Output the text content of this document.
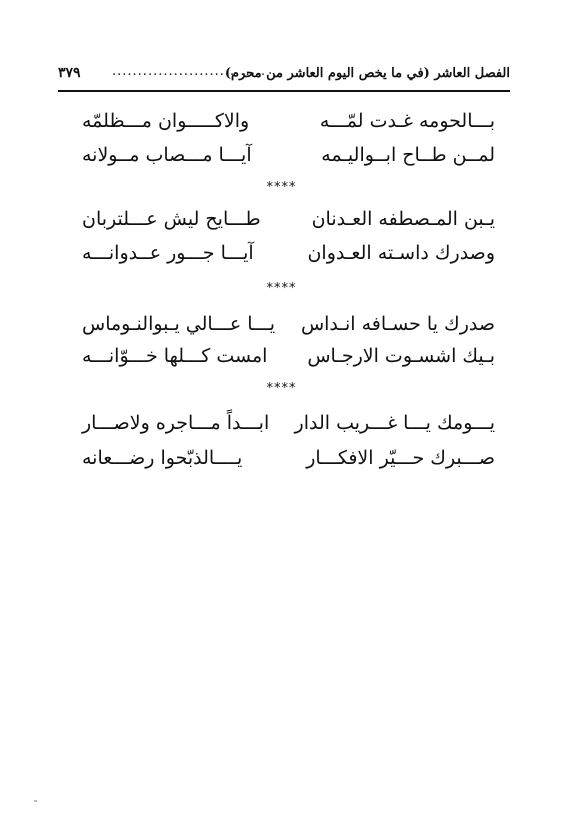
الفصل العاشر (في ما يخص اليوم العاشر من محرم)
..............................
٣٧٩
بـــالحومه غـدت لمّـــه
والاكـــــوان مـــظلمّه
لمــن طــاح ابــواليـمه
آيـــا مـــصاب مــولانه
****
يـبن المـصطفه العـدنان
طـــايح ليش عـــلتربان
وصدرك داسـته العـدوان
آيـــا جـــور عــدوانـــه
****
صدرك يا حسـافه انـداس
يـــا عـــالي يـبوالنـوماس
بـيك اشسـوت الارجـاس
امست كـــلها خـــوّانـــه
****
يـــومك يـــا غـــريب الدار
ابـــداً مـــاجره ولاصـــار
صـــبرك حـــيّر الافكـــار
يــــالذبّحوا رضـــعانه
